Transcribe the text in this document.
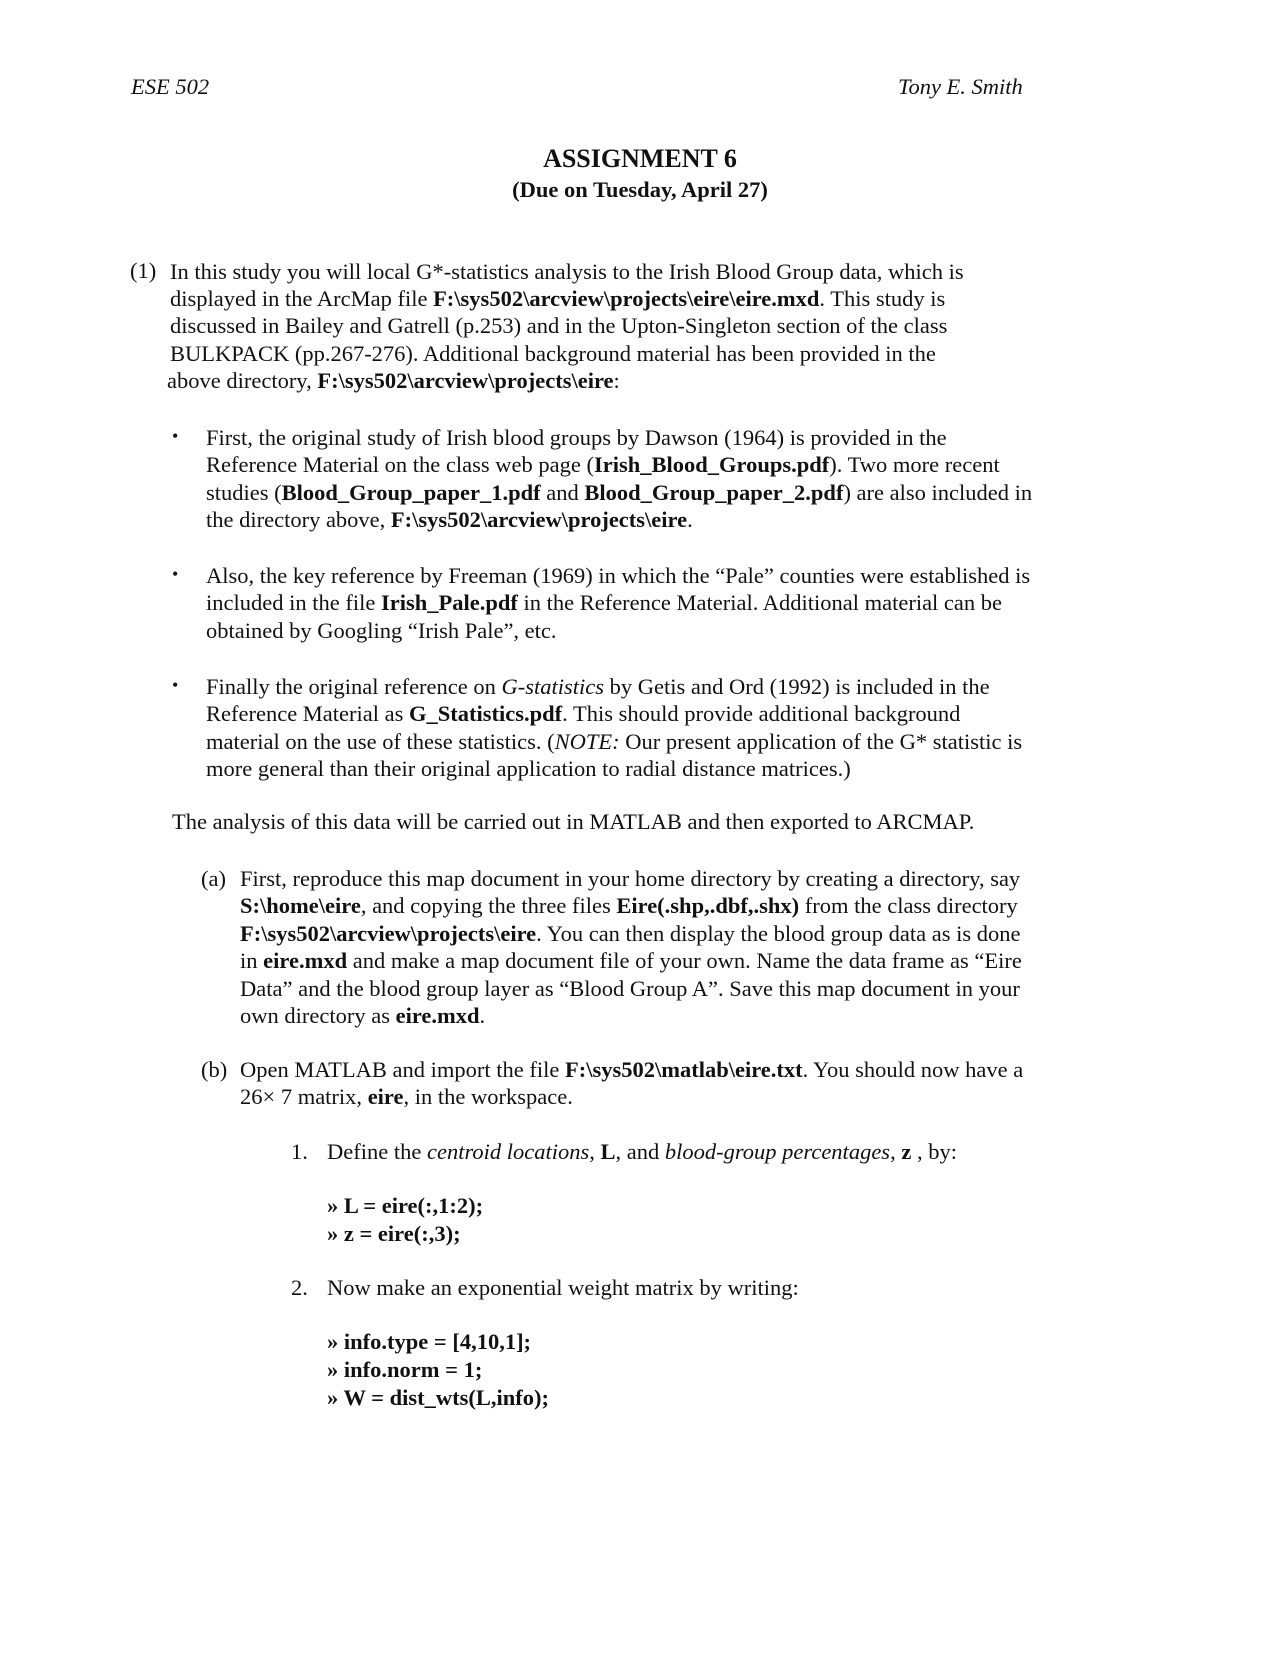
ESE 502	Tony E. Smith
ASSIGNMENT 6
(Due on Tuesday, April 27)
(1) In this study you will local G*-statistics analysis to the Irish Blood Group data, which is
displayed in the ArcMap file F:\sys502\arcview\projects\eire\eire.mxd. This study is
discussed in Bailey and Gatrell (p.253) and in the Upton-Singleton section of the class
BULKPACK (pp.267-276). Additional background material has been provided in the
above directory, F:\sys502\arcview\projects\eire:
• First, the original study of Irish blood groups by Dawson (1964) is provided in the
Reference Material on the class web page (Irish_Blood_Groups.pdf). Two more recent
studies (Blood_Group_paper_1.pdf and Blood_Group_paper_2.pdf) are also included in
the directory above, F:\sys502\arcview\projects\eire.
• Also, the key reference by Freeman (1969) in which the “Pale” counties were established is
included in the file Irish_Pale.pdf in the Reference Material. Additional material can be
obtained by Googling “Irish Pale”, etc.
• Finally the original reference on G-statistics by Getis and Ord (1992) is included in the
Reference Material as G_Statistics.pdf. This should provide additional background
material on the use of these statistics. (NOTE: Our present application of the G* statistic is
more general than their original application to radial distance matrices.)
The analysis of this data will be carried out in MATLAB and then exported to ARCMAP.
(a) First, reproduce this map document in your home directory by creating a directory, say
S:\home\eire, and copying the three files Eire(.shp,.dbf,.shx) from the class directory
F:\sys502\arcview\projects\eire. You can then display the blood group data as is done
in eire.mxd and make a map document file of your own. Name the data frame as “Eire
Data” and the blood group layer as “Blood Group A”. Save this map document in your
own directory as eire.mxd.
(b) Open MATLAB and import the file F:\sys502\matlab\eire.txt. You should now have a
26× 7 matrix, eire, in the workspace.
1. Define the centroid locations, L, and blood-group percentages, z , by:
» L = eire(:,1:2);
» z = eire(:,3);
2. Now make an exponential weight matrix by writing:
» info.type = [4,10,1];
» info.norm = 1;
» W = dist_wts(L,info);
